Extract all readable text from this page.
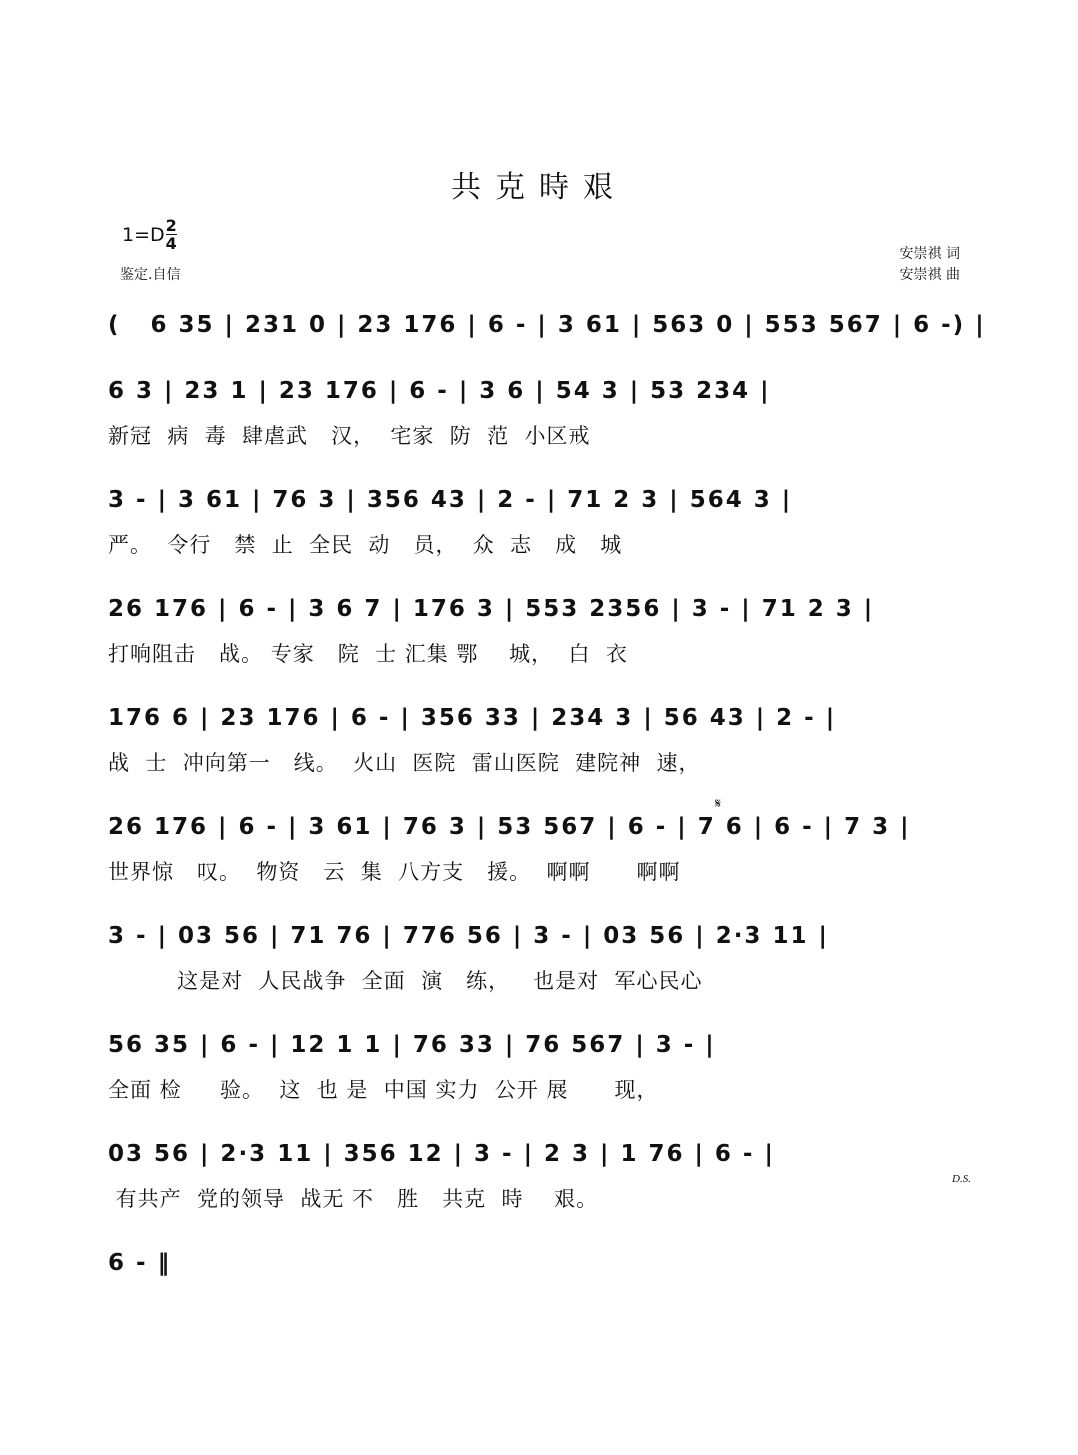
共克時艰
$1=D \frac{2}{4}$
鉴定.自信
安崇祺 词
安崇祺 曲
(   6 35 | 231 0 | 23 176 | 6 - | 3 61 | 563 0 | 553 567 | 6 -) |
6 3 | 23 1 | 23 176 | 6 - | 3 6 | 54 3 | 53 234 |
新冠  病  毒  肆虐武   汉，  宅家  防  范  小区戒
3 - | 3 61 | 76 3 | 356 43 | 2 - | 71 2 3 | 564 3 |
严。  令行   禁  止  全民  动   员，  众  志   成   城
26 176 | 6 - | 3 6 7 | 176 3 | 553 2356 | 3 - | 71 2 3 |
打响阻击   战。 专家   院  士 汇集 鄂    城，  白  衣
176 6 | 23 176 | 6 - | 356 33 | 234 3 | 56 43 | 2 - |
战  士  冲向第一   线。  火山  医院  雷山医院  建院神  速，
26 176 | 6 - | 3 61 | 76 3 | 53 567 | 6 - | 7 6 | 6 - | 7 3 |
世界惊   叹。  物资   云  集  八方支   援。  啊啊      啊啊
𝄋
3 - | 03 56 | 71 76 | 776 56 | 3 - | 03 56 | 2·3 11 |
这是对  人民战争  全面  演   练，   也是对  军心民心
56 35 | 6 - | 12 1 1 | 76 33 | 76 567 | 3 - |
全面 检     验。  这  也 是  中国 实力  公开 展      现，
03 56 | 2·3 11 | 356 12 | 3 - | 2 3 | 1 76 | 6 - |
有共产  党的领导  战无 不   胜   共克  時    艰。
D.S.
6 - ‖
